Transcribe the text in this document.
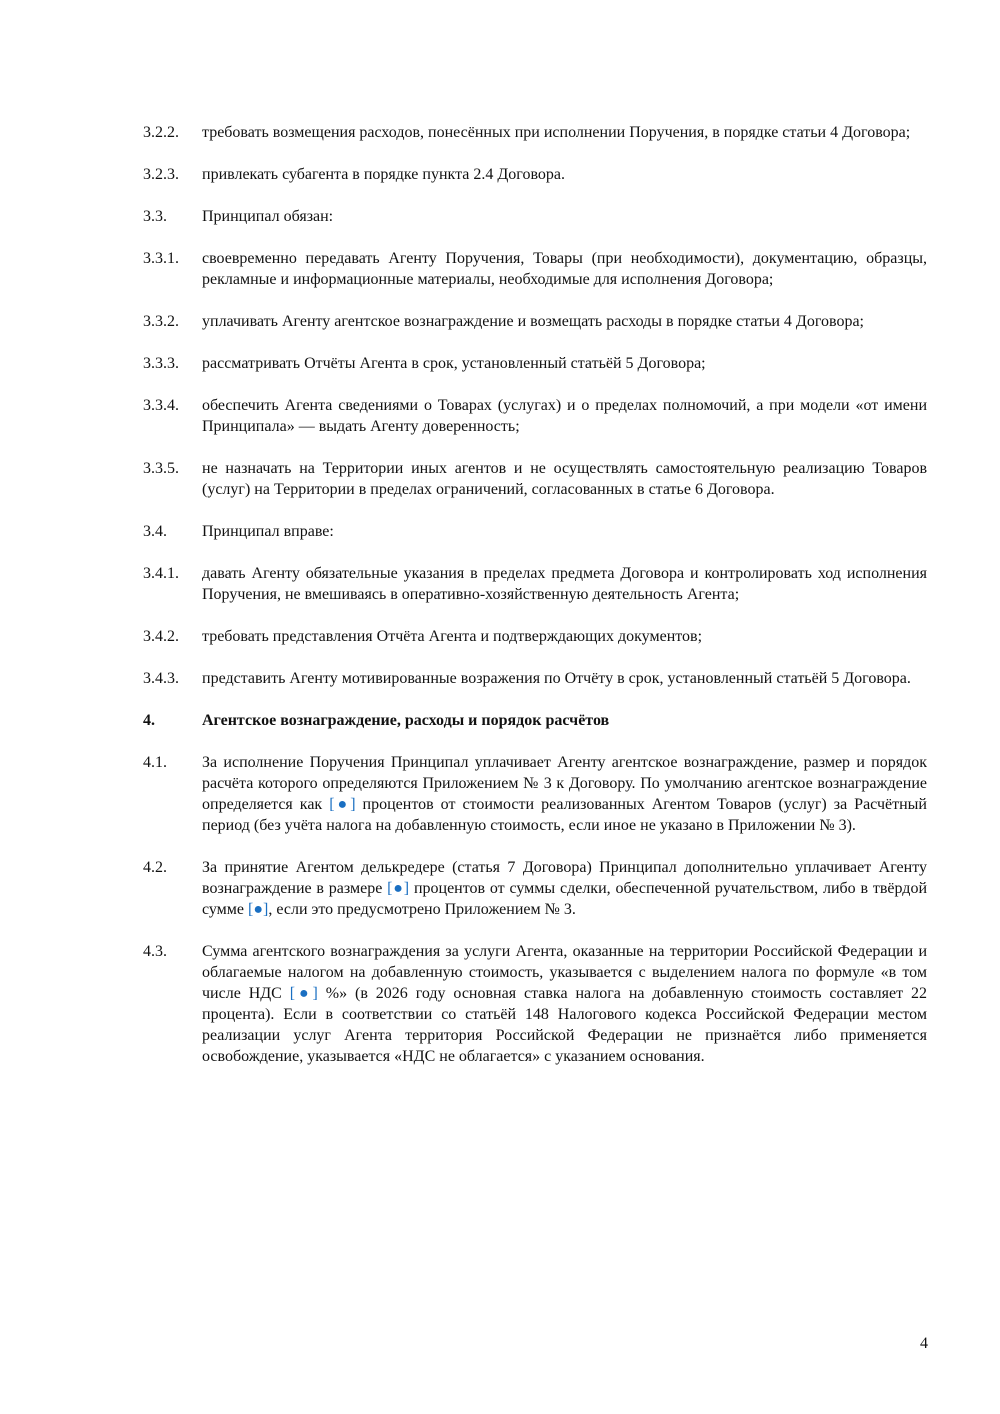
3.2.2.	требовать возмещения расходов, понесённых при исполнении Поручения, в порядке статьи 4 Договора;
3.2.3.	привлекать субагента в порядке пункта 2.4 Договора.
3.3.	Принципал обязан:
3.3.1.	своевременно передавать Агенту Поручения, Товары (при необходимости), документацию, образцы, рекламные и информационные материалы, необходимые для исполнения Договора;
3.3.2.	уплачивать Агенту агентское вознаграждение и возмещать расходы в порядке статьи 4 Договора;
3.3.3.	рассматривать Отчёты Агента в срок, установленный статьёй 5 Договора;
3.3.4.	обеспечить Агента сведениями о Товарах (услугах) и о пределах полномочий, а при модели «от имени Принципала» — выдать Агенту доверенность;
3.3.5.	не назначать на Территории иных агентов и не осуществлять самостоятельную реализацию Товаров (услуг) на Территории в пределах ограничений, согласованных в статье 6 Договора.
3.4.	Принципал вправе:
3.4.1.	давать Агенту обязательные указания в пределах предмета Договора и контролировать ход исполнения Поручения, не вмешиваясь в оперативно-хозяйственную деятельность Агента;
3.4.2.	требовать представления Отчёта Агента и подтверждающих документов;
3.4.3.	представить Агенту мотивированные возражения по Отчёту в срок, установленный статьёй 5 Договора.
4.	Агентское вознаграждение, расходы и порядок расчётов
4.1.	За исполнение Поручения Принципал уплачивает Агенту агентское вознаграждение, размер и порядок расчёта которого определяются Приложением № 3 к Договору. По умолчанию агентское вознаграждение определяется как [●] процентов от стоимости реализованных Агентом Товаров (услуг) за Расчётный период (без учёта налога на добавленную стоимость, если иное не указано в Приложении № 3).
4.2.	За принятие Агентом делькредере (статья 7 Договора) Принципал дополнительно уплачивает Агенту вознаграждение в размере [●] процентов от суммы сделки, обеспеченной ручательством, либо в твёрдой сумме [●], если это предусмотрено Приложением № 3.
4.3.	Сумма агентского вознаграждения за услуги Агента, оказанные на территории Российской Федерации и облагаемые налогом на добавленную стоимость, указывается с выделением налога по формуле «в том числе НДС [●] %» (в 2026 году основная ставка налога на добавленную стоимость составляет 22 процента). Если в соответствии со статьёй 148 Налогового кодекса Российской Федерации местом реализации услуг Агента территория Российской Федерации не признаётся либо применяется освобождение, указывается «НДС не облагается» с указанием основания.
4
